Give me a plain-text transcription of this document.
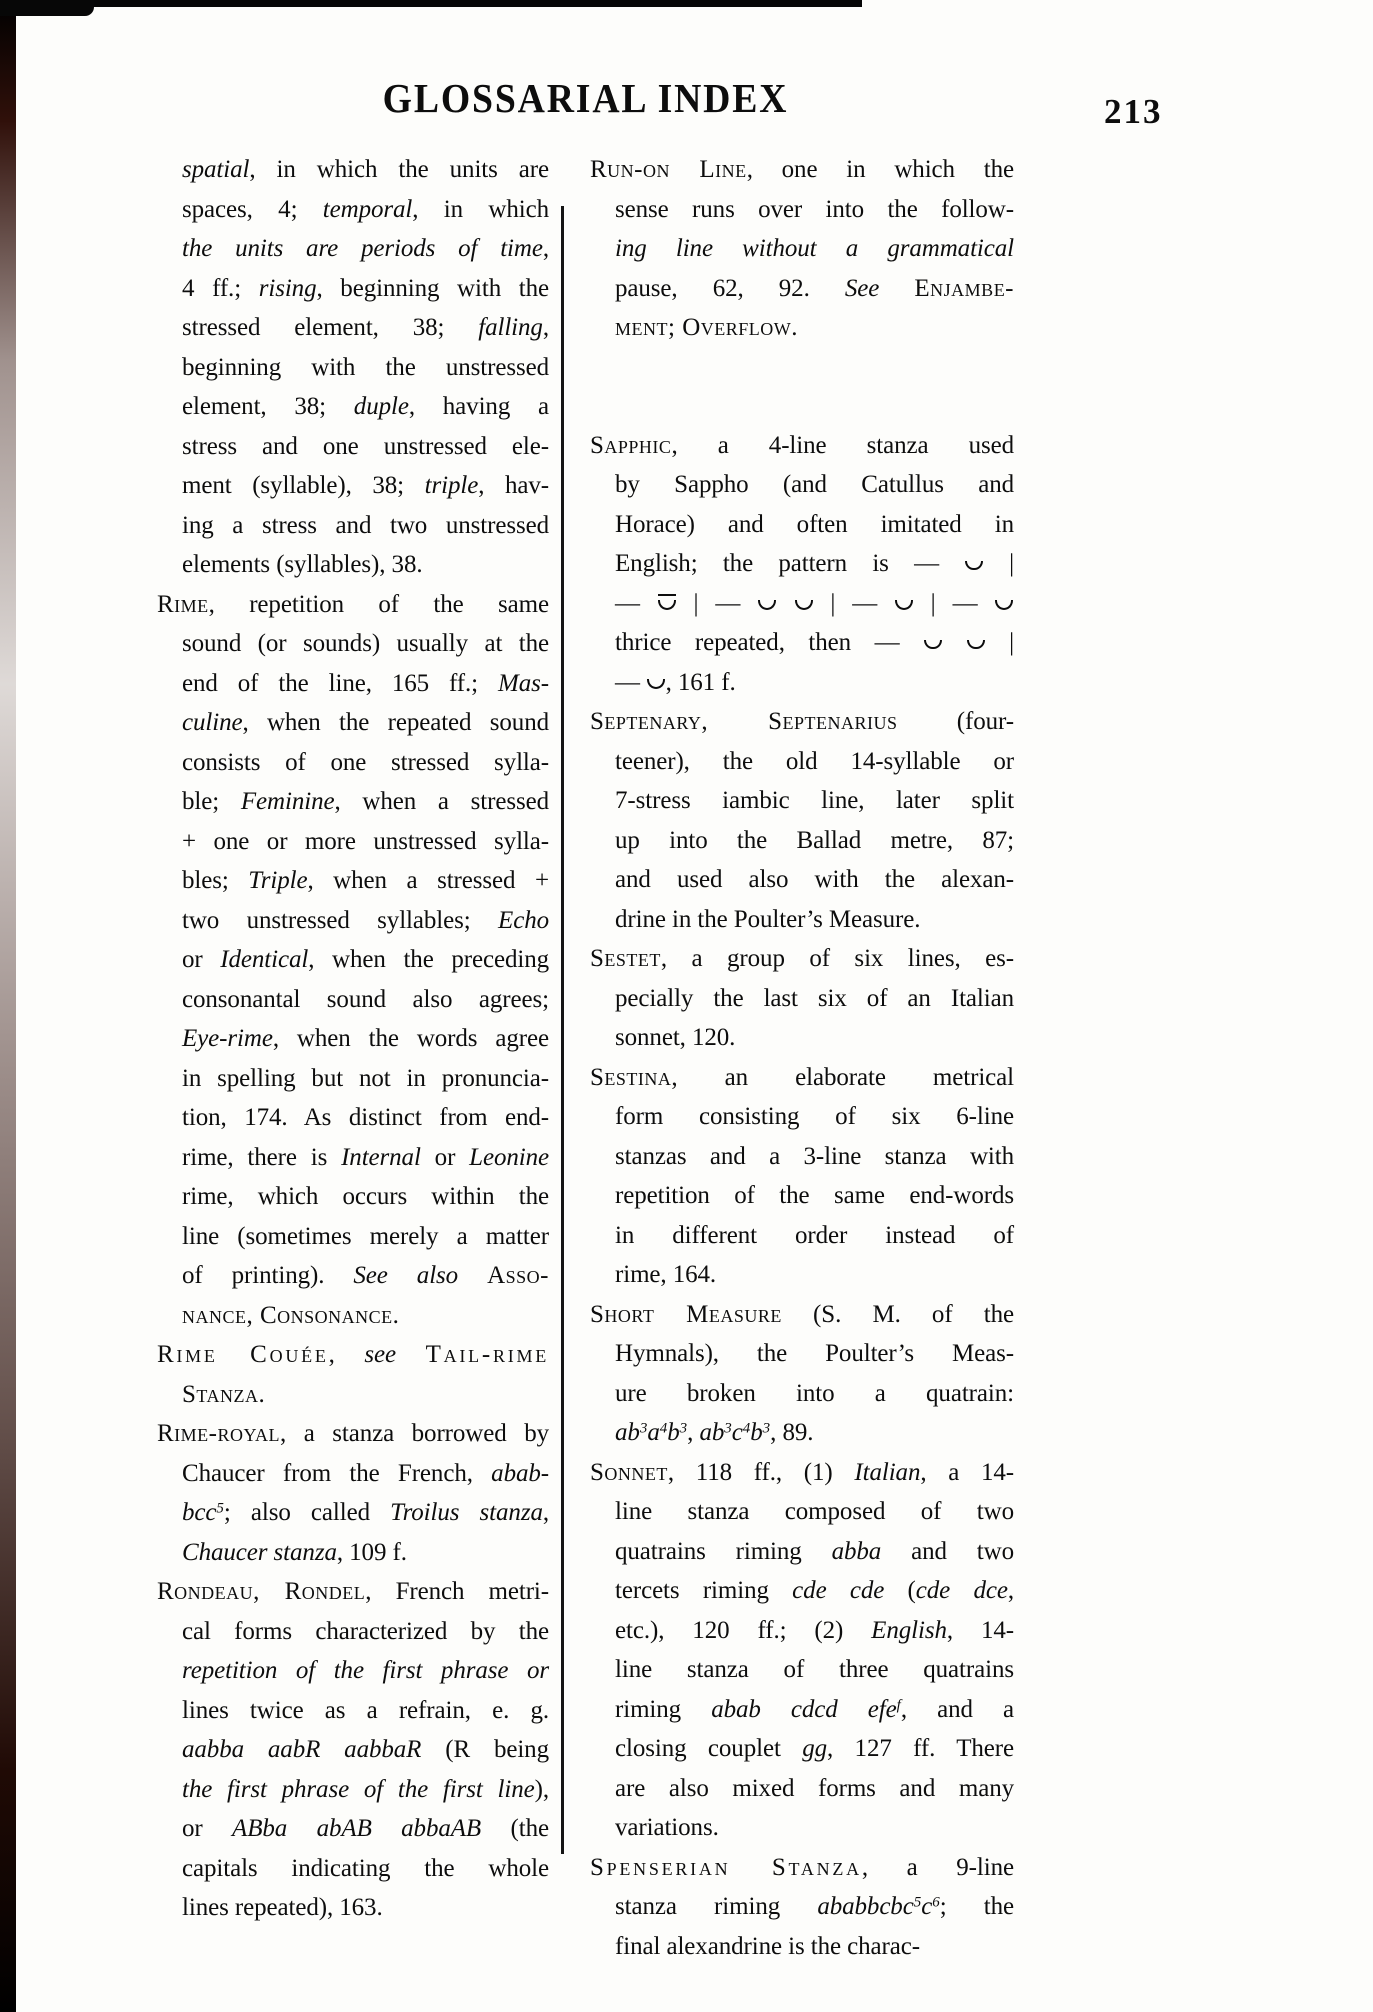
GLOSSARIAL INDEX	213
spatial, in which the units are
spaces, 4; temporal, in which
the units are periods of time,
4 ff.; rising, beginning with the
stressed element, 38; falling,
beginning with the unstressed
element, 38; duple, having a
stress and one unstressed ele-
ment (syllable), 38; triple, hav-
ing a stress and two unstressed
elements (syllables), 38.
Rime, repetition of the same
sound (or sounds) usually at the
end of the line, 165 ff.; Mas-
culine, when the repeated sound
consists of one stressed sylla-
ble; Feminine, when a stressed
+ one or more unstressed sylla-
bles; Triple, when a stressed +
two unstressed syllables; Echo
or Identical, when the preceding
consonantal sound also agrees;
Eye-rime, when the words agree
in spelling but not in pronuncia-
tion, 174. As distinct from end-
rime, there is Internal or Leonine
rime, which occurs within the
line (sometimes merely a matter
of printing). See also Asso-
nance, Consonance.
Rime Couée, see Tail-rime
Stanza.
Rime-royal, a stanza borrowed by
Chaucer from the French, abab-
bcc$^5$; also called Troilus stanza,
Chaucer stanza, 109 f.
Rondeau, Rondel, French metri-
cal forms characterized by the
repetition of the first phrase or
lines twice as a refrain, e. g.
aabba aabR aabbaR (R being
the first phrase of the first line),
or ABba abAB abbaAB (the
capitals indicating the whole
lines repeated), 163.
Run-on Line, one in which the
sense runs over into the follow-
ing line without a grammatical
pause, 62, 92. See Enjambe-
ment; Overflow.
Sapphic, a 4-line stanza used
by Sappho (and Catullus and
Horace) and often imitated in
English; the pattern is —	|
— | —	| — | —
thrice repeated, then —	|
— , 161 f.
Septenary, Septenarius (four-
teener), the old 14-syllable or
7-stress iambic line, later split
up into the Ballad metre, 87;
and used also with the alexan-
drine in the Poulter’s Measure.
Sestet, a group of six lines, es-
pecially the last six of an Italian
sonnet, 120.
Sestina, an elaborate metrical
form consisting of six 6-line
stanzas and a 3-line stanza with
repetition of the same end-words
in different order instead of
rime, 164.
Short Measure (S. M. of the
Hymnals), the Poulter’s Meas-
ure broken into a quatrain:
$ab^3a^4b^3$, $ab^3c^4b^3$, 89.
Sonnet, 118 ff., (1) Italian, a 14-
line stanza composed of two
quatrains riming abba and two
tercets riming cde cde (cde dce,
etc.), 120 ff.; (2) English, 14-
line stanza of three quatrains
riming abab cdcd efe$^f$, and a
closing couplet gg, 127 ff. There
are also mixed forms and many
variations.
Spenserian Stanza, a 9-line
stanza riming $ababbcbc^5c^6$; the
final alexandrine is the charac-
